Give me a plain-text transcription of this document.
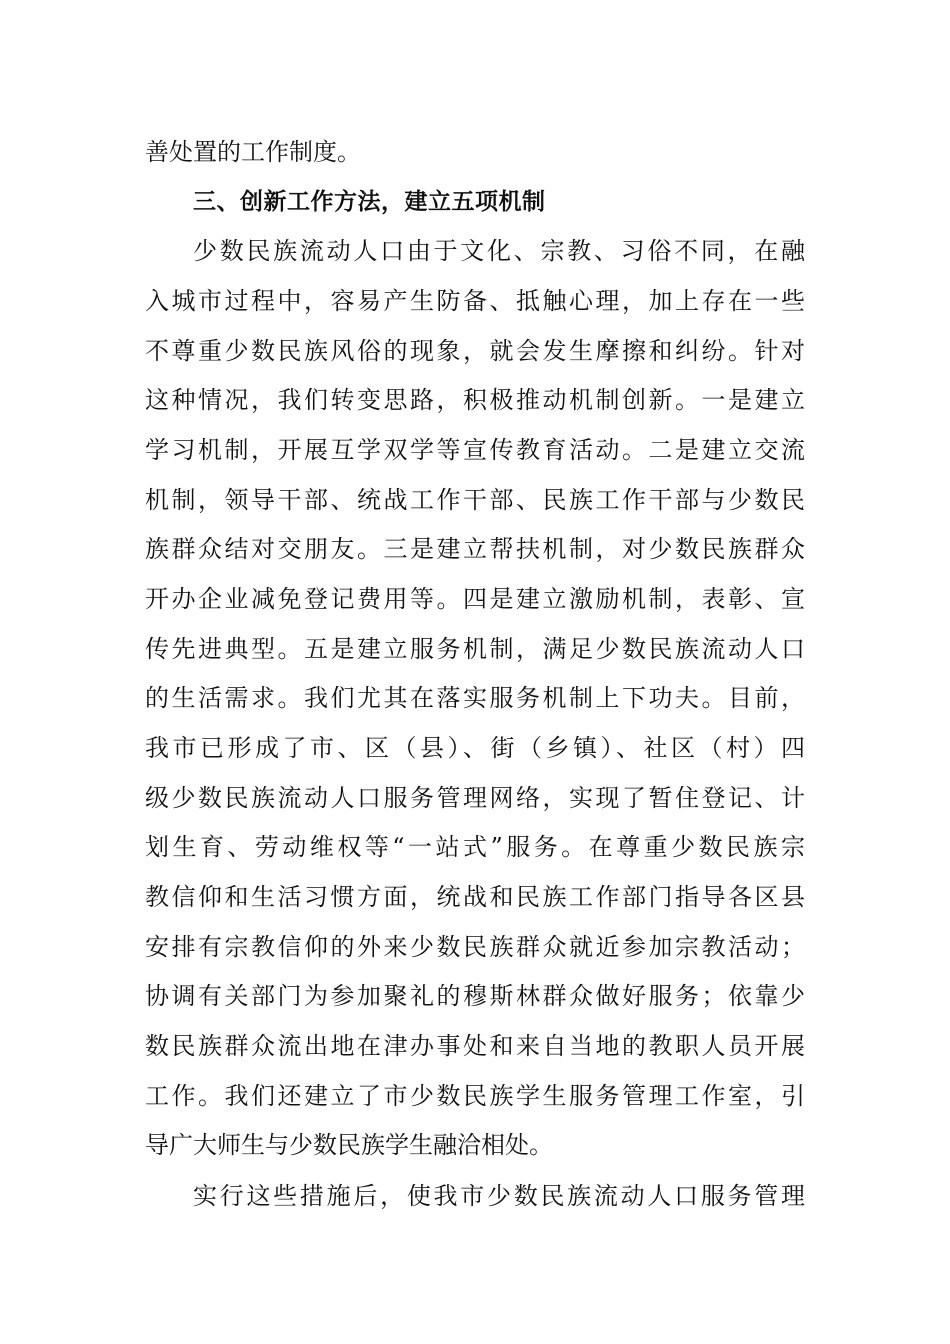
善处置的工作制度。
三、创新工作方法，建立五项机制
少数民族流动人口由于文化、宗教、习俗不同，在融
入城市过程中，容易产生防备、抵触心理，加上存在一些
不尊重少数民族风俗的现象，就会发生摩擦和纠纷。针对
这种情况，我们转变思路，积极推动机制创新。一是建立
学习机制，开展互学双学等宣传教育活动。二是建立交流
机制，领导干部、统战工作干部、民族工作干部与少数民
族群众结对交朋友。三是建立帮扶机制，对少数民族群众
开办企业减免登记费用等。四是建立激励机制，表彰、宣
传先进典型。五是建立服务机制，满足少数民族流动人口
的生活需求。我们尤其在落实服务机制上下功夫。目前，
我市已形成了市、区（县）、街（乡镇）、社区（村）四
级少数民族流动人口服务管理网络，实现了暂住登记、计
划生育、劳动维权等“一站式”服务。在尊重少数民族宗
教信仰和生活习惯方面，统战和民族工作部门指导各区县
安排有宗教信仰的外来少数民族群众就近参加宗教活动；
协调有关部门为参加聚礼的穆斯林群众做好服务；依靠少
数民族群众流出地在津办事处和来自当地的教职人员开展
工作。我们还建立了市少数民族学生服务管理工作室，引
导广大师生与少数民族学生融洽相处。
实行这些措施后，使我市少数民族流动人口服务管理
